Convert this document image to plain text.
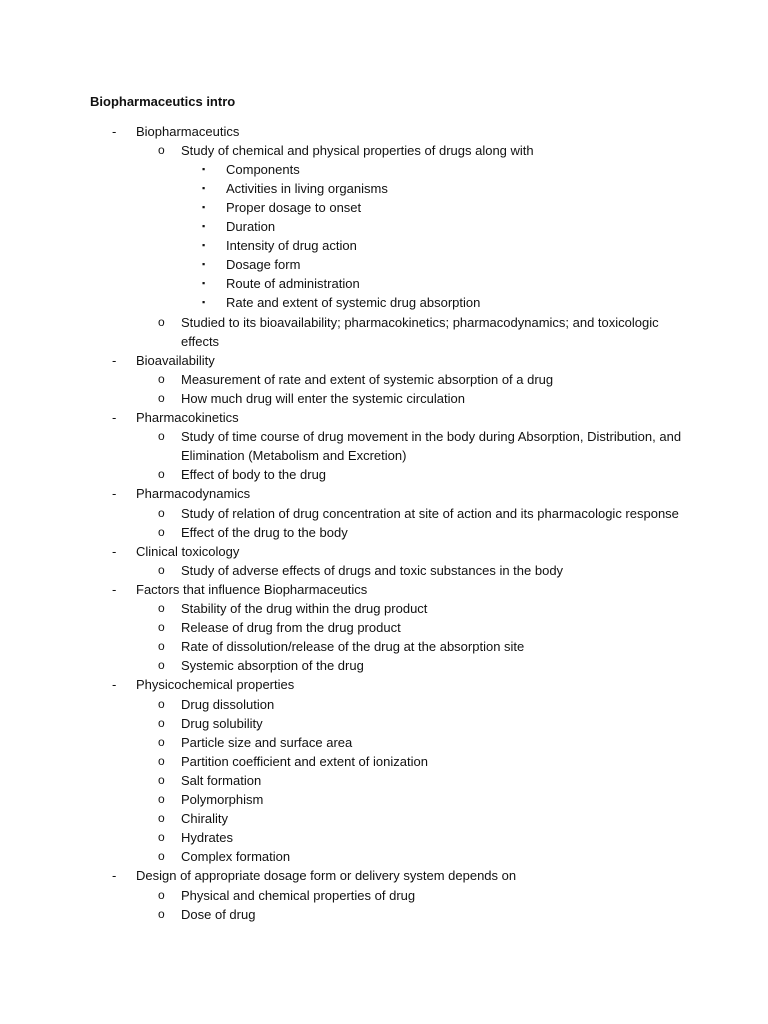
Biopharmaceutics intro
- Biopharmaceutics
o Study of chemical and physical properties of drugs along with
▪ Components
▪ Activities in living organisms
▪ Proper dosage to onset
▪ Duration
▪ Intensity of drug action
▪ Dosage form
▪ Route of administration
▪ Rate and extent of systemic drug absorption
o Studied to its bioavailability; pharmacokinetics; pharmacodynamics; and toxicologic
effects
- Bioavailability
o Measurement of rate and extent of systemic absorption of a drug
o How much drug will enter the systemic circulation
- Pharmacokinetics
o Study of time course of drug movement in the body during Absorption, Distribution, and
Elimination (Metabolism and Excretion)
o Effect of body to the drug
- Pharmacodynamics
o Study of relation of drug concentration at site of action and its pharmacologic response
o Effect of the drug to the body
- Clinical toxicology
o Study of adverse effects of drugs and toxic substances in the body
- Factors that influence Biopharmaceutics
o Stability of the drug within the drug product
o Release of drug from the drug product
o Rate of dissolution/release of the drug at the absorption site
o Systemic absorption of the drug
- Physicochemical properties
o Drug dissolution
o Drug solubility
o Particle size and surface area
o Partition coefficient and extent of ionization
o Salt formation
o Polymorphism
o Chirality
o Hydrates
o Complex formation
- Design of appropriate dosage form or delivery system depends on
o Physical and chemical properties of drug
o Dose of drug
